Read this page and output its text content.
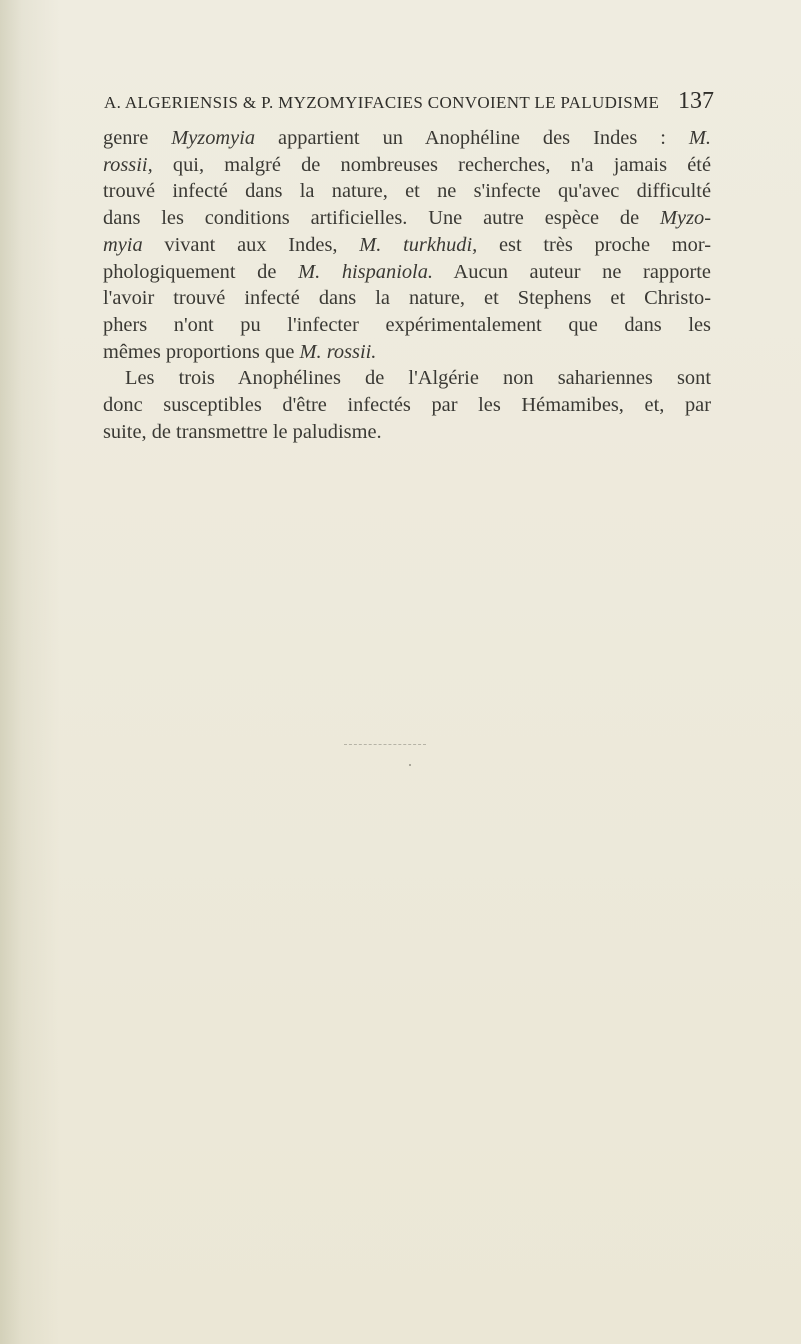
A. ALGERIENSIS & P. MYZOMYIFACIES CONVOIENT LE PALUDISME 137
genre Myzomyia appartient un Anophéline des Indes : M.
rossii, qui, malgré de nombreuses recherches, n'a jamais été
trouvé infecté dans la nature, et ne s'infecte qu'avec difficulté
dans les conditions artificielles. Une autre espèce de Myzo-
myia vivant aux Indes, M. turkhudi, est très proche mor-
phologiquement de M. hispaniola. Aucun auteur ne rapporte
l'avoir trouvé infecté dans la nature, et Stephens et Christo-
phers n'ont pu l'infecter expérimentalement que dans les
mêmes proportions que M. rossii.
Les trois Anophélines de l'Algérie non sahariennes sont
donc susceptibles d'être infectés par les Hémamibes, et, par
suite, de transmettre le paludisme.
